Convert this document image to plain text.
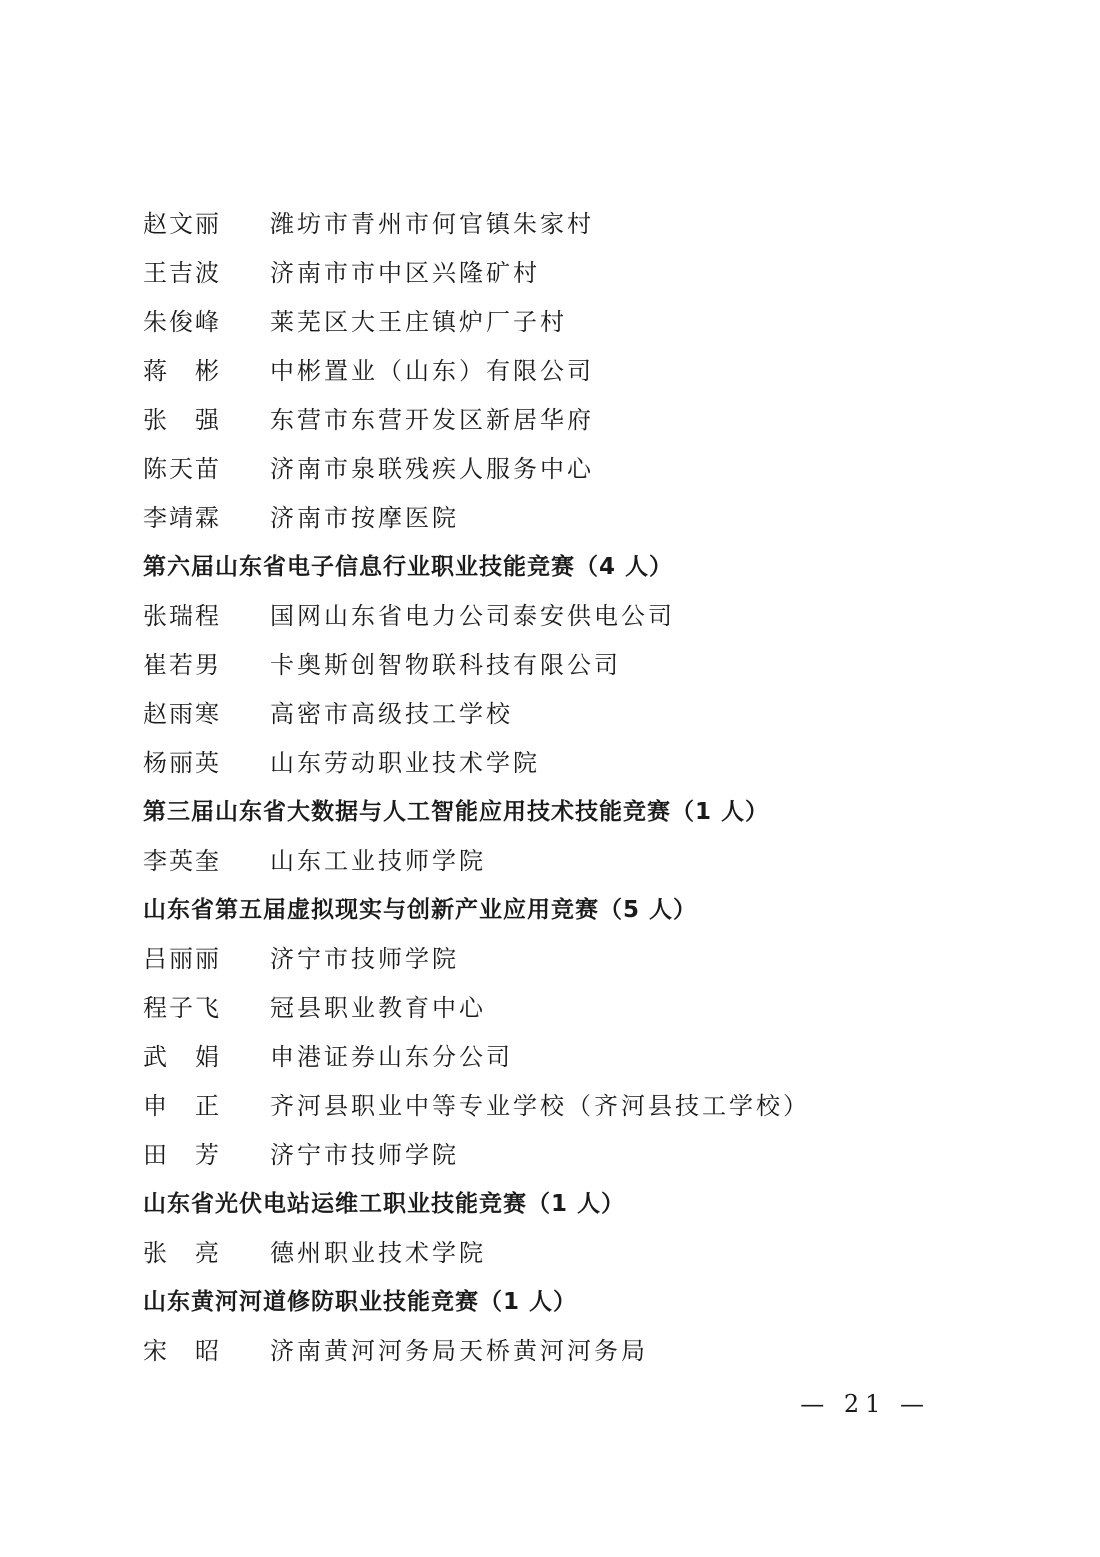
赵文丽 潍坊市青州市何官镇朱家村
王吉波 济南市市中区兴隆矿村
朱俊峰 莱芜区大王庄镇炉厂子村
蒋　彬 中彬置业（山东）有限公司
张　强 东营市东营开发区新居华府
陈天苗 济南市泉联残疾人服务中心
李靖霖 济南市按摩医院
第六届山东省电子信息行业职业技能竞赛（4 人）
张瑞程 国网山东省电力公司泰安供电公司
崔若男 卡奥斯创智物联科技有限公司
赵雨寒 高密市高级技工学校
杨丽英 山东劳动职业技术学院
第三届山东省大数据与人工智能应用技术技能竞赛（1 人）
李英奎 山东工业技师学院
山东省第五届虚拟现实与创新产业应用竞赛（5 人）
吕丽丽 济宁市技师学院
程子飞 冠县职业教育中心
武　娟 申港证券山东分公司
申　正 齐河县职业中等专业学校（齐河县技工学校）
田　芳 济宁市技师学院
山东省光伏电站运维工职业技能竞赛（1 人）
张　亮 德州职业技术学院
山东黄河河道修防职业技能竞赛（1 人）
宋　昭 济南黄河河务局天桥黄河河务局
— 21 —
